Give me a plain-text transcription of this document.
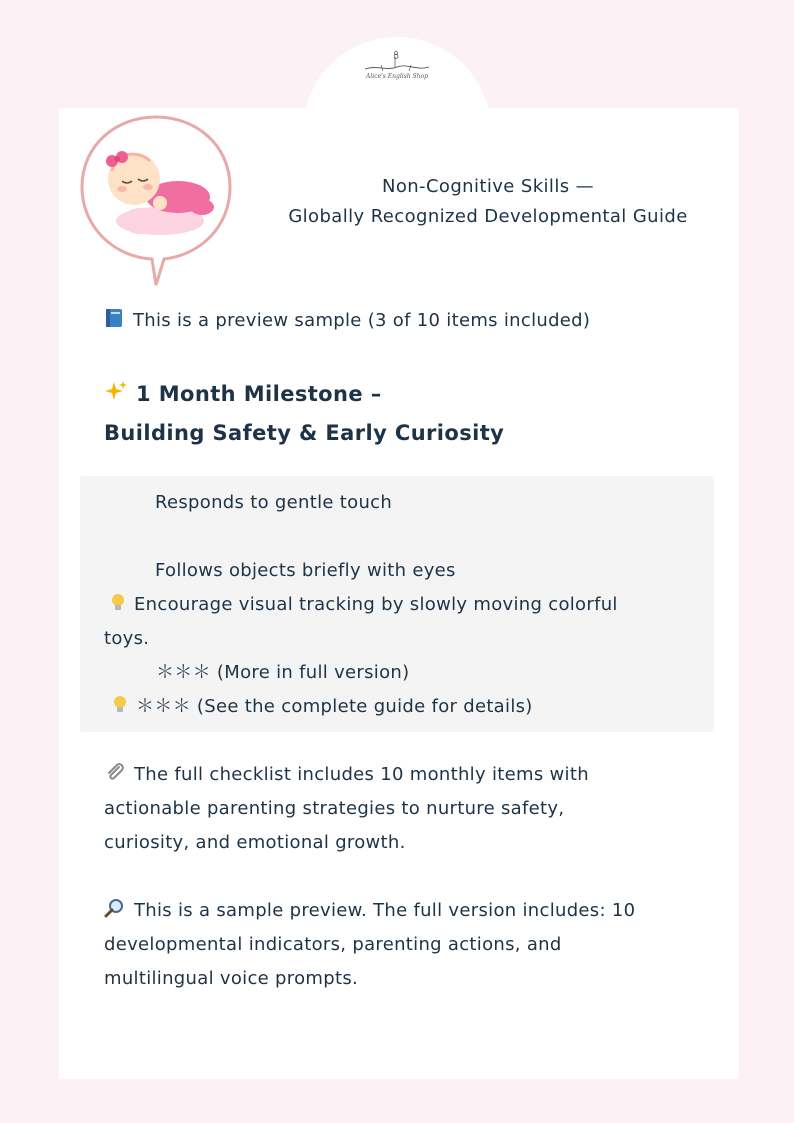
Alice's English Shop
Non-Cognitive Skills —
Globally Recognized Developmental Guide
This is a preview sample (3 of 10 items included)
1 Month Milestone –
Building Safety & Early Curiosity
Responds to gentle touch
Follows objects briefly with eyes
Encourage visual tracking by slowly moving colorful
toys.
＊＊＊ (More in full version)
＊＊＊ (See the complete guide for details)
The full checklist includes 10 monthly items with
actionable parenting strategies to nurture safety,
curiosity, and emotional growth.
This is a sample preview. The full version includes: 10
developmental indicators, parenting actions, and
multilingual voice prompts.
